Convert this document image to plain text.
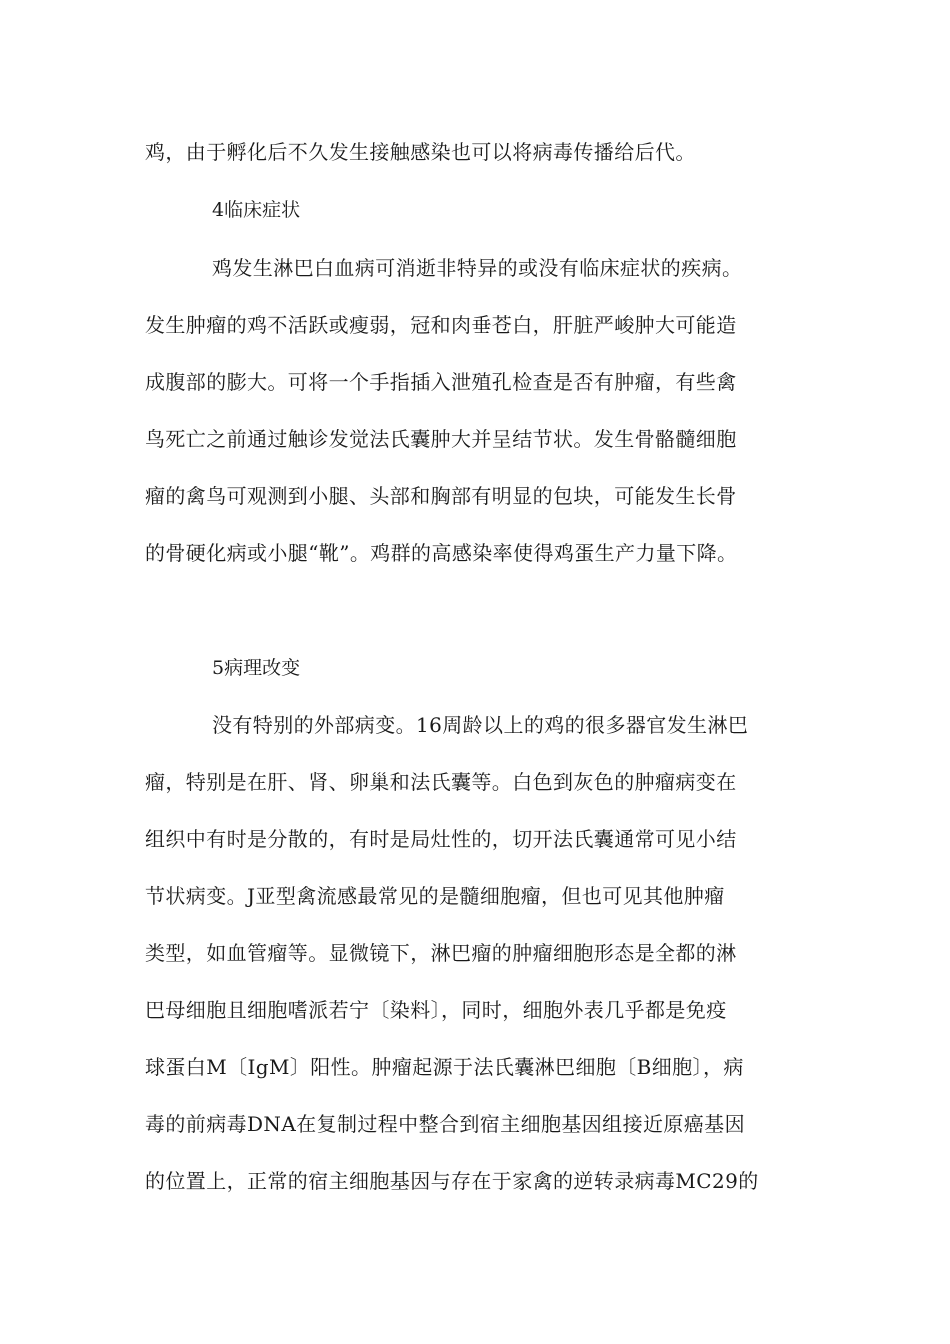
鸡，由于孵化后不久发生接触感染也可以将病毒传播给后代。
4临床症状
鸡发生淋巴白血病可消逝非特异的或没有临床症状的疾病。
发生肿瘤的鸡不活跃或瘦弱，冠和肉垂苍白，肝脏严峻肿大可能造
成腹部的膨大。可将一个手指插入泄殖孔检查是否有肿瘤，有些禽
鸟死亡之前通过触诊发觉法氏囊肿大并呈结节状。发生骨骼髓细胞
瘤的禽鸟可观测到小腿、头部和胸部有明显的包块，可能发生长骨
的骨硬化病或小腿“靴”。鸡群的高感染率使得鸡蛋生产力量下降。
5病理改变
没有特别的外部病变。16周龄以上的鸡的很多器官发生淋巴
瘤，特别是在肝、肾、卵巢和法氏囊等。白色到灰色的肿瘤病变在
组织中有时是分散的，有时是局灶性的，切开法氏囊通常可见小结
节状病变。J亚型禽流感最常见的是髓细胞瘤，但也可见其他肿瘤
类型，如血管瘤等。显微镜下，淋巴瘤的肿瘤细胞形态是全都的淋
巴母细胞且细胞嗜派若宁〔染料〕，同时，细胞外表几乎都是免疫
球蛋白M〔IgM〕阳性。肿瘤起源于法氏囊淋巴细胞〔B细胞〕，病
毒的前病毒DNA在复制过程中整合到宿主细胞基因组接近原癌基因
的位置上，正常的宿主细胞基因与存在于家禽的逆转录病毒MC29的
